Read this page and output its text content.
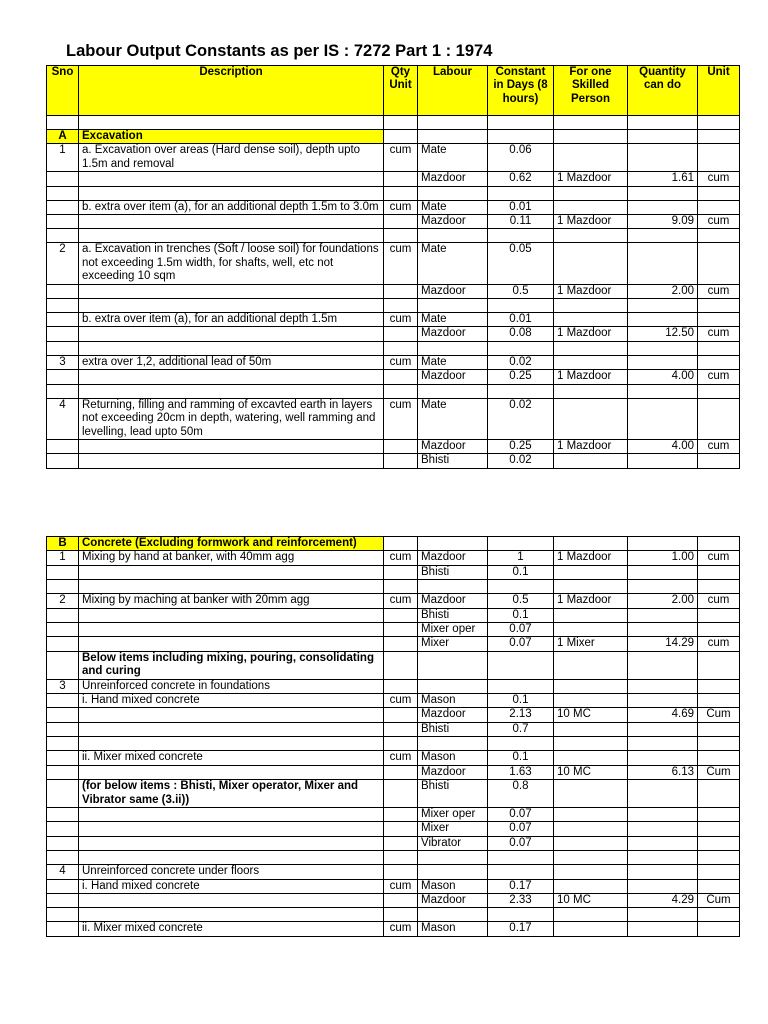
Labour Output Constants as per IS : 7272 Part 1 : 1974
Sno	Description	Qty Unit	Labour	Constant in Days (8 hours)	For one Skilled Person	Quantity can do	Unit

A	Excavation						
1	a. Excavation over areas (Hard dense soil), depth upto 1.5m and removal	cum	Mate	0.06			
			Mazdoor	0.62	1 Mazdoor	1.61	cum

	b. extra over item (a), for an additional depth 1.5m to 3.0m	cum	Mate	0.01			
			Mazdoor	0.11	1 Mazdoor	9.09	cum

2	a. Excavation in trenches (Soft / loose soil) for foundations not exceeding 1.5m width, for shafts, well, etc not exceeding 10 sqm	cum	Mate	0.05			
			Mazdoor	0.5	1 Mazdoor	2.00	cum

	b. extra over item (a), for an additional depth 1.5m	cum	Mate	0.01			
			Mazdoor	0.08	1 Mazdoor	12.50	cum

3	extra over 1,2, additional lead of 50m	cum	Mate	0.02			
			Mazdoor	0.25	1 Mazdoor	4.00	cum

4	Returning, filling and ramming of excavted earth in layers not exceeding 20cm in depth, watering, well ramming and levelling, lead upto 50m	cum	Mate	0.02			
			Mazdoor	0.25	1 Mazdoor	4.00	cum
			Bhisti	0.02			
B	Concrete (Excluding formwork and reinforcement)						
1	Mixing by hand at banker, with 40mm agg	cum	Mazdoor	1	1 Mazdoor	1.00	cum
			Bhisti	0.1			

2	Mixing by maching at banker with 20mm agg	cum	Mazdoor	0.5	1 Mazdoor	2.00	cum
			Bhisti	0.1			
			Mixer oper	0.07			
			Mixer	0.07	1 Mixer	14.29	cum
	Below items including mixing, pouring, consolidating and curing						
3	Unreinforced concrete in foundations						
	i. Hand mixed concrete	cum	Mason	0.1			
			Mazdoor	2.13	10 MC	4.69	Cum
			Bhisti	0.7			

	ii. Mixer mixed concrete	cum	Mason	0.1			
			Mazdoor	1.63	10 MC	6.13	Cum
	(for below items : Bhisti, Mixer operator, Mixer and Vibrator same (3.ii))		Bhisti	0.8			
			Mixer oper	0.07			
			Mixer	0.07			
			Vibrator	0.07			

4	Unreinforced concrete under floors						
	i. Hand mixed concrete	cum	Mason	0.17			
			Mazdoor	2.33	10 MC	4.29	Cum

	ii. Mixer mixed concrete	cum	Mason	0.17			
